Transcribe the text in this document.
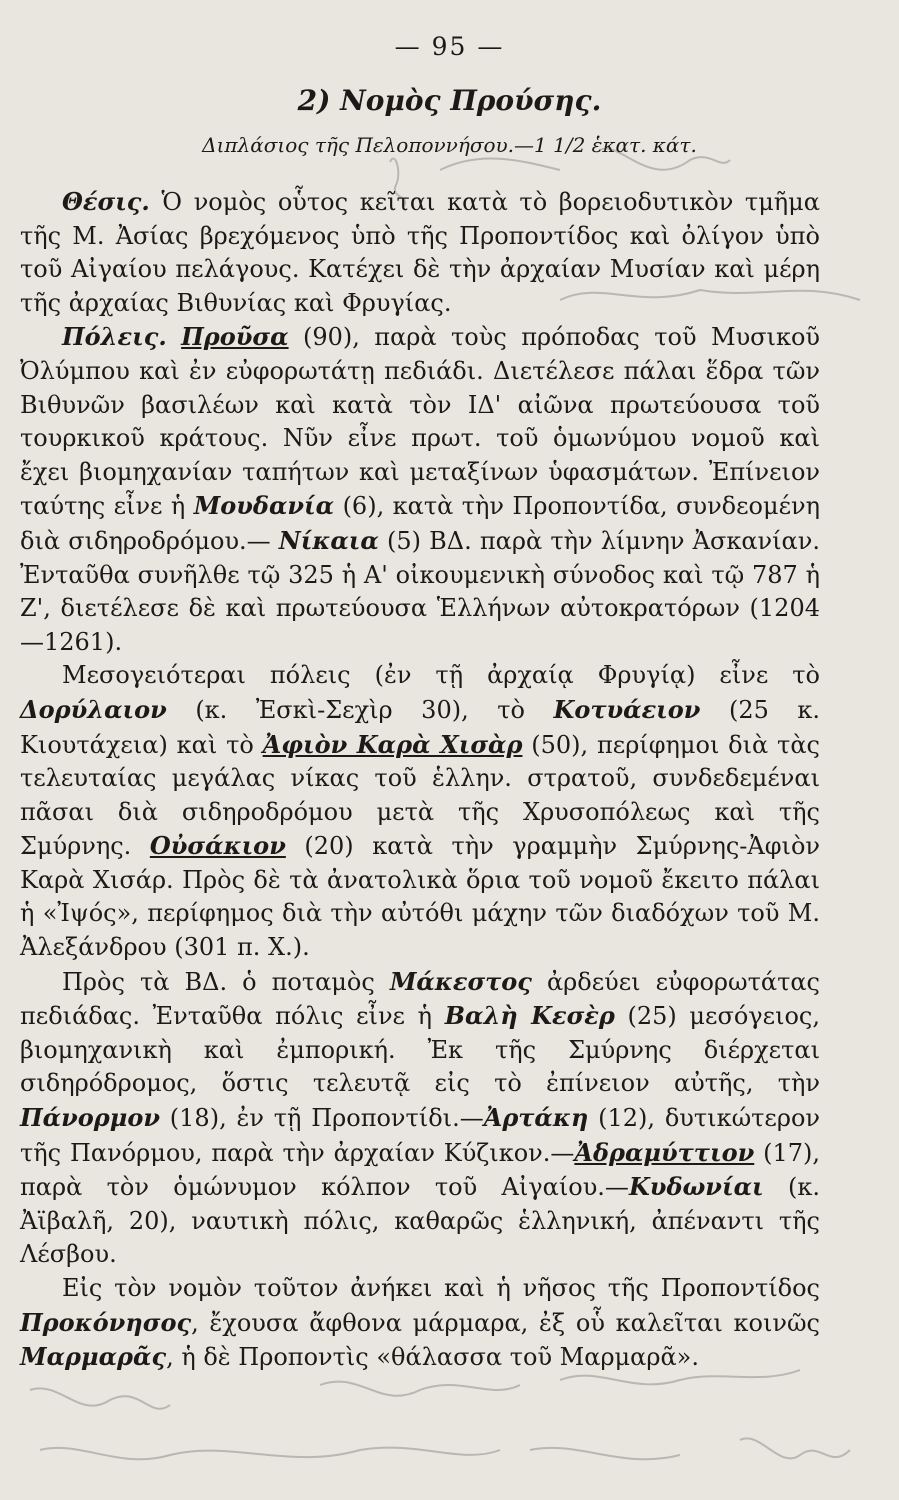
— 95 —
2) Νομὸς Προύσης.
Διπλάσιος τῆς Πελοποννήσου.—1 1/2 ἑκατ. κάτ.

Θέσις. Ὁ νομὸς οὗτος κεῖται κατὰ τὸ βορειοδυτικὸν τμῆμα τῆς Μ. Ἀσίας βρεχόμενος ὑπὸ τῆς Προποντίδος καὶ ὀλίγον ὑπὸ τοῦ Αἰγαίου πελάγους. Κατέχει δὲ τὴν ἀρχαίαν Μυσίαν καὶ μέρη τῆς ἀρχαίας Βιθυνίας καὶ Φρυγίας.

Πόλεις. Προῦσα (90), παρὰ τοὺς πρόποδας τοῦ Μυσικοῦ Ὀλύμπου καὶ ἐν εὐφορωτάτῃ πεδιάδι. Διετέλεσε πάλαι ἕδρα τῶν Βιθυνῶν βασιλέων καὶ κατὰ τὸν ΙΔ' αἰῶνα πρωτεύουσα τοῦ τουρκικοῦ κράτους. Νῦν εἶνε πρωτ. τοῦ ὁμωνύμου νομοῦ καὶ ἔχει βιομηχανίαν ταπήτων καὶ μεταξίνων ὑφασμάτων. Ἐπίνειον ταύτης εἶνε ἡ Μουδανία (6), κατὰ τὴν Προποντίδα, συνδεομένη διὰ σιδηροδρόμου.— Νίκαια (5) ΒΔ. παρὰ τὴν λίμνην Ἀσκανίαν. Ἐνταῦθα συνῆλθε τῷ 325 ἡ Α' οἰκουμενικὴ σύνοδος καὶ τῷ 787 ἡ Ζ', διετέλεσε δὲ καὶ πρωτεύουσα Ἑλλήνων αὐτοκρατόρων (1204—1261).

Μεσογειότεραι πόλεις (ἐν τῇ ἀρχαίᾳ Φρυγίᾳ) εἶνε τὸ Δορύλαιον (κ. Ἐσκὶ-Σεχὶρ 30), τὸ Κοτυάειον (25 κ. Κιουτάχεια) καὶ τὸ Ἀφιὸν Καρὰ Χισὰρ (50), περίφημοι διὰ τὰς τελευταίας μεγάλας νίκας τοῦ ἑλλην. στρατοῦ, συνδεδεμέναι πᾶσαι διὰ σιδηροδρόμου μετὰ τῆς Χρυσοπόλεως καὶ τῆς Σμύρνης. Οὐσάκιον (20) κατὰ τὴν γραμμὴν Σμύρνης-Ἀφιὸν Καρὰ Χισάρ. Πρὸς δὲ τὰ ἀνατολικὰ ὅρια τοῦ νομοῦ ἔκειτο πάλαι ἡ «Ἰψός», περίφημος διὰ τὴν αὐτόθι μάχην τῶν διαδόχων τοῦ Μ. Ἀλεξάνδρου (301 π. Χ.).

Πρὸς τὰ ΒΔ. ὁ ποταμὸς Μάκεστος ἀρδεύει εὐφορωτάτας πεδιάδας. Ἐνταῦθα πόλις εἶνε ἡ Βαλὴ Κεσὲρ (25) μεσόγειος, βιομηχανικὴ καὶ ἐμπορική. Ἐκ τῆς Σμύρνης διέρχεται σιδηρόδρομος, ὅστις τελευτᾷ εἰς τὸ ἐπίνειον αὐτῆς, τὴν Πάνορμον (18), ἐν τῇ Προποντίδι.—Ἀρτάκη (12), δυτικώτερον τῆς Πανόρμου, παρὰ τὴν ἀρχαίαν Κύζικον.—Ἀδραμύττιον (17), παρὰ τὸν ὁμώνυμον κόλπον τοῦ Αἰγαίου.—Κυδωνίαι (κ. Ἀϊβαλῆ, 20), ναυτικὴ πόλις, καθαρῶς ἑλληνική, ἀπέναντι τῆς Λέσβου.

Εἰς τὸν νομὸν τοῦτον ἀνήκει καὶ ἡ νῆσος τῆς Προποντίδος Προκόνησος, ἔχουσα ἄφθονα μάρμαρα, ἐξ οὗ καλεῖται κοινῶς Μαρμαρᾶς, ἡ δὲ Προποντὶς «θάλασσα τοῦ Μαρμαρᾶ».
